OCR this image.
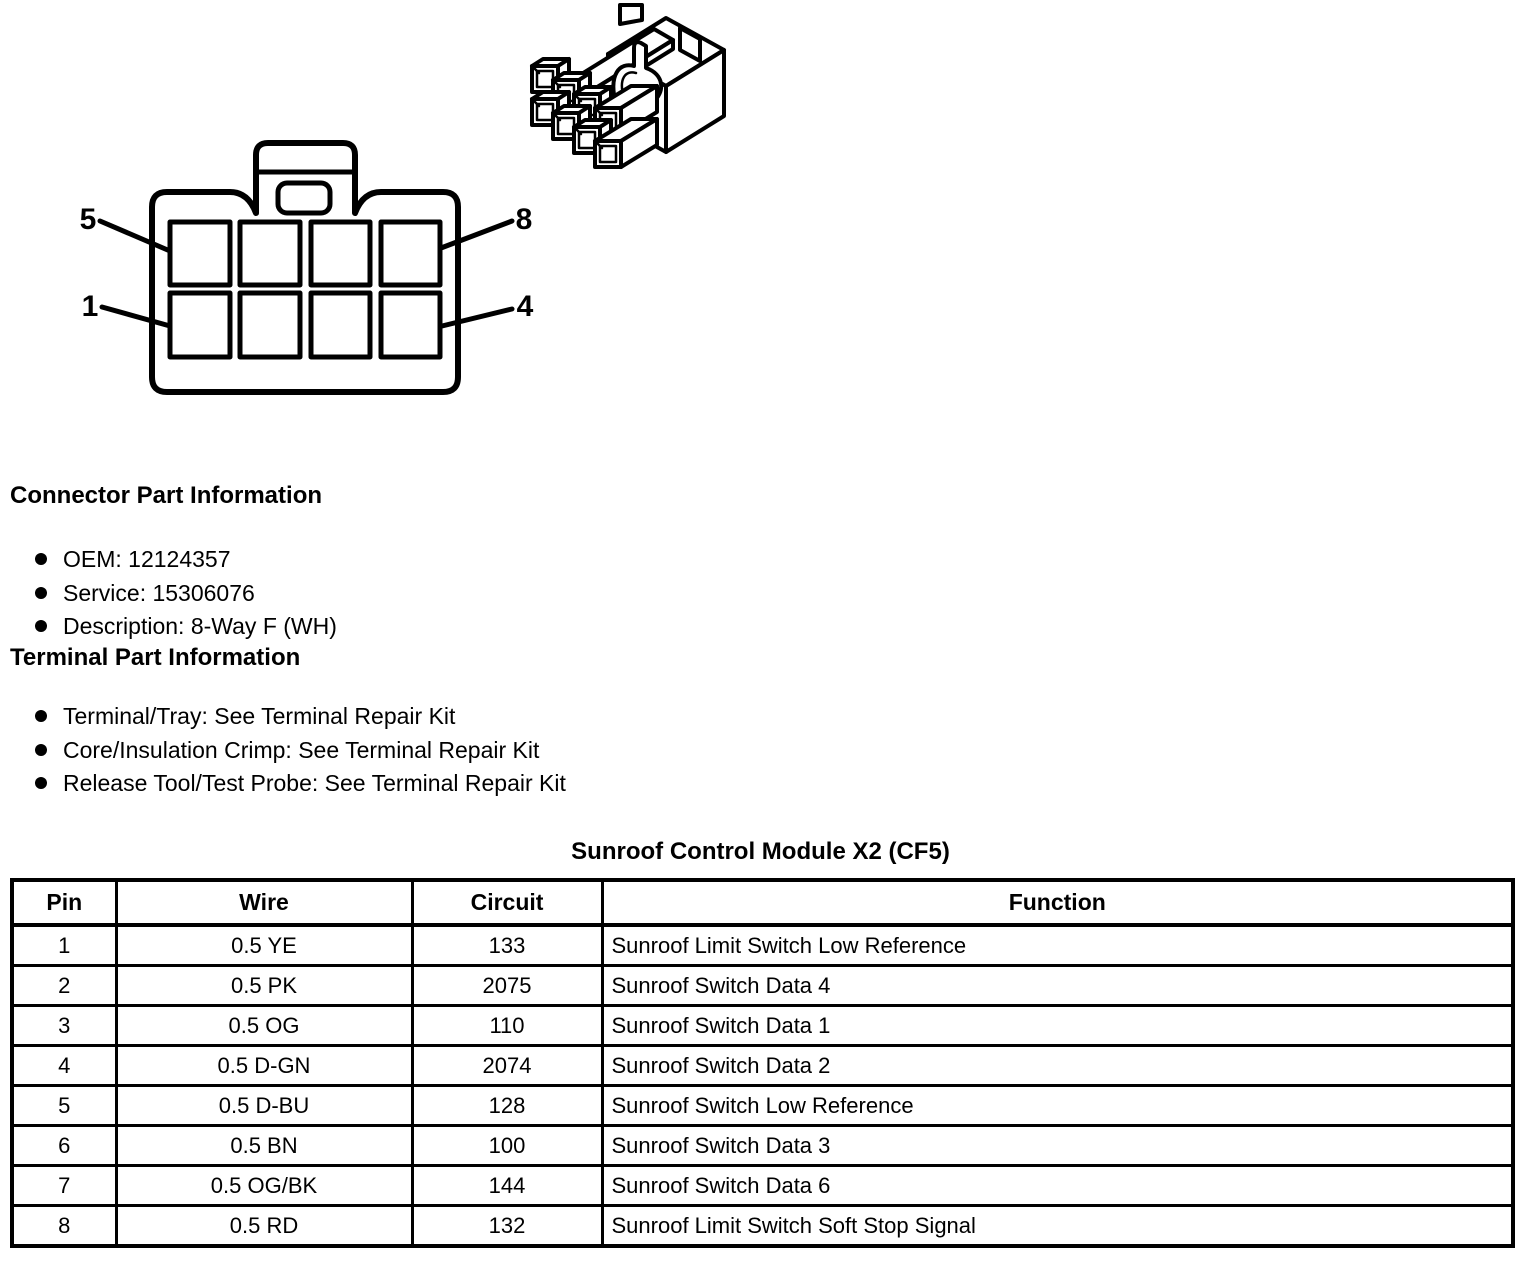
5	8
1	4
Connector Part Information
OEM: 12124357
Service: 15306076
Description: 8-Way F (WH)
Terminal Part Information
Terminal/Tray: See Terminal Repair Kit
Core/Insulation Crimp: See Terminal Repair Kit
Release Tool/Test Probe: See Terminal Repair Kit
Sunroof Control Module X2 (CF5)
Pin	Wire	Circuit	Function
1	0.5 YE	133	Sunroof Limit Switch Low Reference
2	0.5 PK	2075	Sunroof Switch Data 4
3	0.5 OG	110	Sunroof Switch Data 1
4	0.5 D-GN	2074	Sunroof Switch Data 2
5	0.5 D-BU	128	Sunroof Switch Low Reference
6	0.5 BN	100	Sunroof Switch Data 3
7	0.5 OG/BK	144	Sunroof Switch Data 6
8	0.5 RD	132	Sunroof Limit Switch Soft Stop Signal
